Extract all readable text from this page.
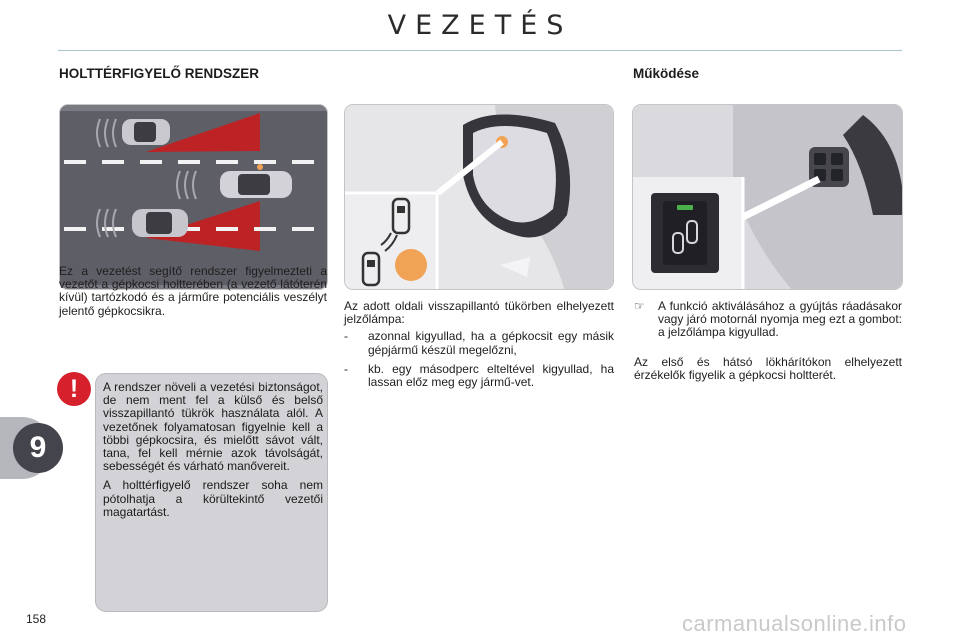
VEZETÉS
HOLTTÉRFIGYELŐ RENDSZER	Működése
Ez a vezetést segítő rendszer figyelmezteti a vezetőt a gépkocsi holtterében (a vezető látóterén kívül) tartózkodó és a járműre potenciális veszélyt jelentő gépkocsikra.
!	A rendszer növeli a vezetési biztonságot, de nem ment fel a külső és belső visszapillantó tükrök használata alól. A vezetőnek folyamatosan figyelnie kell a többi gépkocsira, és mielőtt sávot vált, tana, fel kell mérnie azok távolságát, sebességét és várható manővereit.

A holttérfigyelő rendszer soha nem pótolhatja a körültekintő vezetői magatartást.

Az adott oldali visszapillantó tükörben elhelyezett jelzőlámpa:
- azonnal kigyullad, ha a gépkocsit egy másik gépjármű készül megelőzni,
- kb. egy másodperc elteltével kigyullad, ha lassan előz meg egy jármű-vet.
☞ A funkció aktiválásához a gyújtás ráadásakor vagy járó motornál nyomja meg ezt a gombot: a jelzőlámpa kigyullad.
Az első és hátsó lökhárítókon elhelyezett érzékelők figyelik a gépkocsi holtterét.
9
158	carmanualsonline.info
